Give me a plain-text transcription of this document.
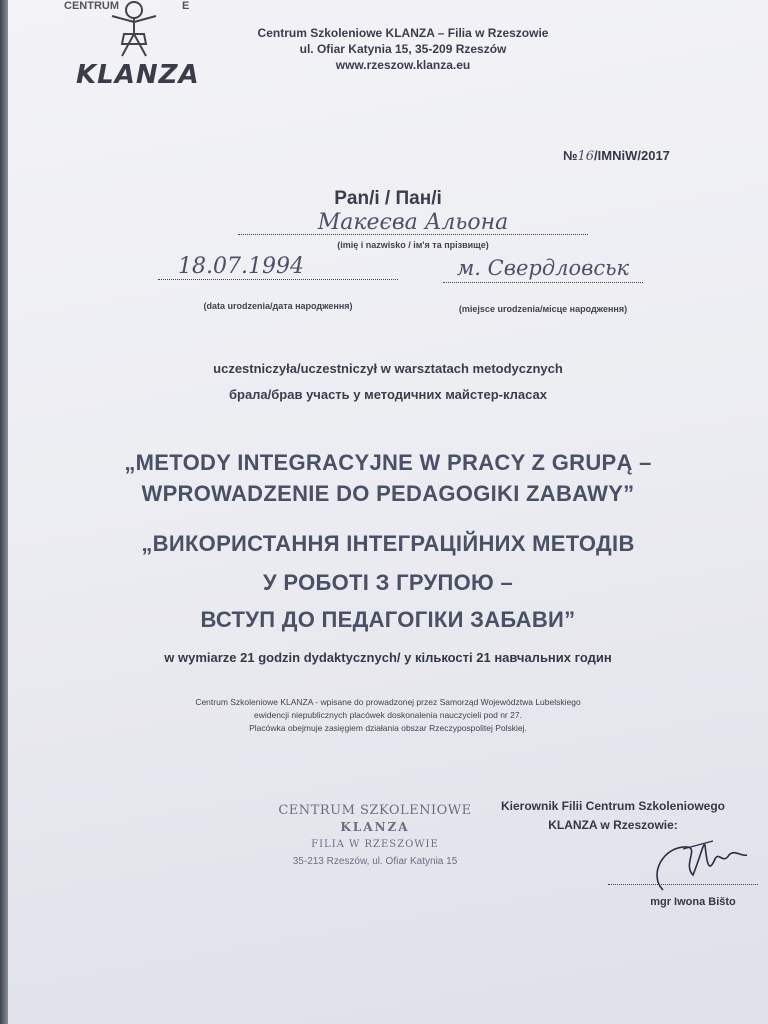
CENTRUM	E
KLANZA
Centrum Szkoleniowe KLANZA – Filia w Rzeszowie
ul. Ofiar Katynia 15, 35-209 Rzeszów
www.rzeszow.klanza.eu
№16/IMNiW/2017
Pan/i / Пан/і
Макеєва Альона
(imię i nazwisko / ім'я та прізвище)
18.07.1994	м. Свердловськ
(data urodzenia/дата народження)	(miejsce urodzenia/місце народження)
uczestniczyła/uczestniczył w warsztatach metodycznych
брала/брав участь у методичних майстер-класах
„METODY INTEGRACYJNE W PRACY Z GRUPĄ –
WPROWADZENIE DO PEDAGOGIKI ZABAWY”
„ВИКОРИСТАННЯ ІНТЕГРАЦІЙНИХ МЕТОДІВ
У РОБОТІ З ГРУПОЮ –
ВСТУП ДО ПЕДАГОГІКИ ЗАБАВИ”
w wymiarze 21 godzin dydaktycznych/ у кількості 21 навчальних годин
Centrum Szkoleniowe KLANZA - wpisane do prowadzonej przez Samorząd Województwa Lubelskiego
ewidencji niepublicznych placówek doskonalenia nauczycieli pod nr 27.
Placówka obejmuje zasięgiem działania obszar Rzeczypospolitej Polskiej.
CENTRUM SZKOLENIOWE
KLANZA
FILIA W RZESZOWIE
35-213 Rzeszów, ul. Ofiar Katynia 15
Kierownik Filii Centrum Szkoleniowego
KLANZA w Rzeszowie:
mgr Iwona Bišto
